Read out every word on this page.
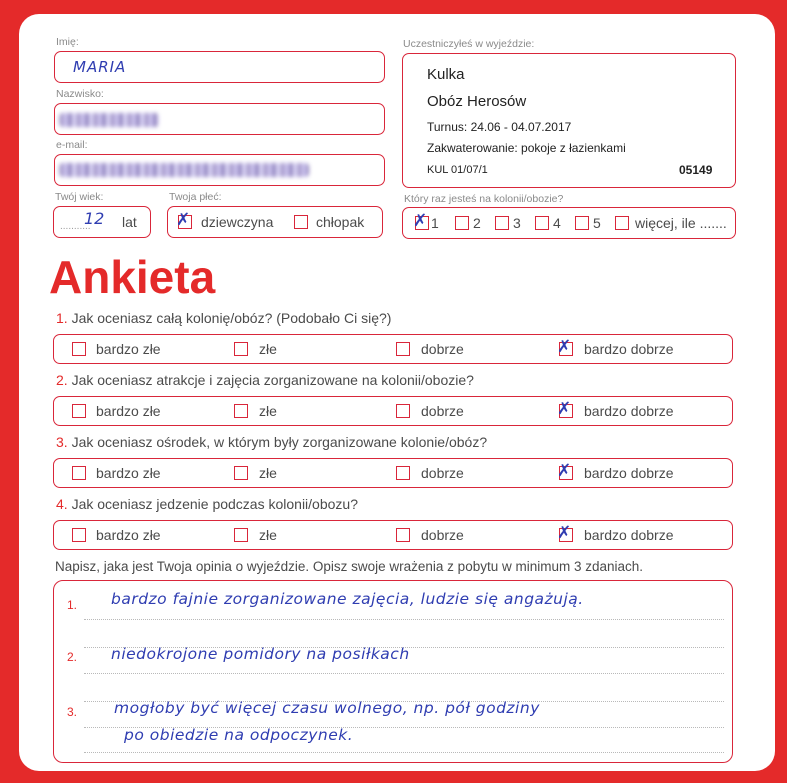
Imię:
MARIA
Nazwisko:
e-mail:
Twój wiek:
...........
12 lat
Twoja płeć:
✗ dziewczyna	chłopak
Uczestniczyłeś w wyjeździe:
Kulka
Obóz Herosów
Turnus: 24.06 - 04.07.2017
Zakwaterowanie: pokoje z łazienkami
KUL 01/07/1	05149
Który raz jesteś na kolonii/obozie?
✗ 1 2 3 4 5 więcej, ile .......
Ankieta
1. Jak oceniasz całą kolonię/obóz? (Podobało Ci się?)
bardzo złe	złe	dobrze	✗ bardzo dobrze
2. Jak oceniasz atrakcje i zajęcia zorganizowane na kolonii/obozie?
bardzo złe	złe	dobrze	✗ bardzo dobrze
3. Jak oceniasz ośrodek, w którym były zorganizowane kolonie/obóz?
bardzo złe	złe	dobrze	✗ bardzo dobrze
4. Jak oceniasz jedzenie podczas kolonii/obozu?
bardzo złe	złe	dobrze	✗ bardzo dobrze
Napisz, jaka jest Twoja opinia o wyjeździe. Opisz swoje wrażenia z pobytu w minimum 3 zdaniach.
1. bardzo fajnie zorganizowane zajęcia, ludzie się angażują.
2. niedokrojone pomidory na posiłkach
3. mogłoby być więcej czasu wolnego, np. pół godziny
po obiedzie na odpoczynek.
